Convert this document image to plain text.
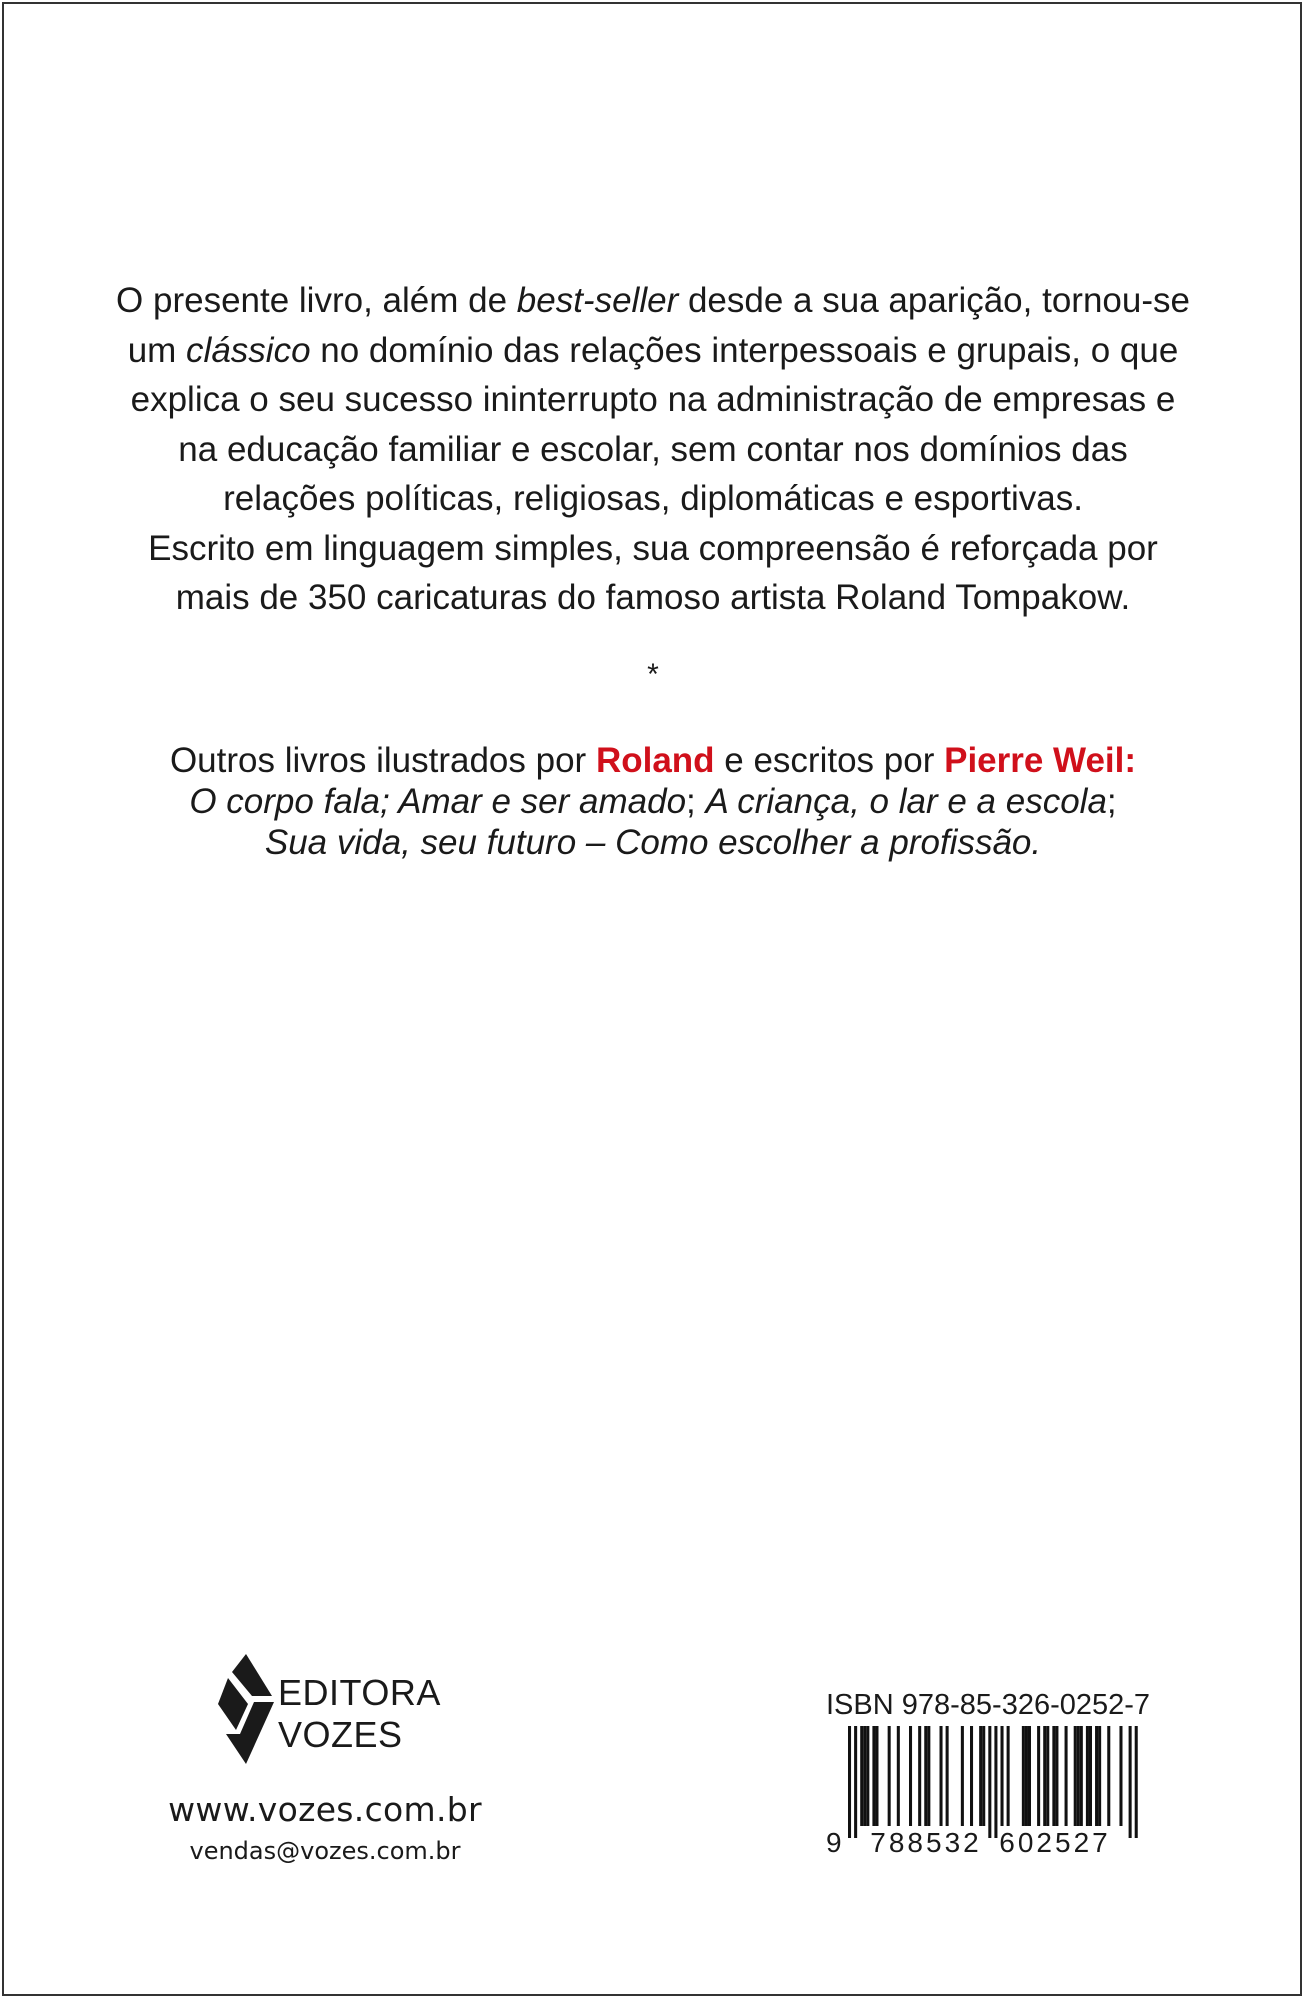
O presente livro, além de best-seller desde a sua aparição, tornou-se
um clássico no domínio das relações interpessoais e grupais, o que
explica o seu sucesso ininterrupto na administração de empresas e
na educação familiar e escolar, sem contar nos domínios das
relações políticas, religiosas, diplomáticas e esportivas.
Escrito em linguagem simples, sua compreensão é reforçada por
mais de 350 caricaturas do famoso artista Roland Tompakow.
*
Outros livros ilustrados por Roland e escritos por Pierre Weil:
O corpo fala; Amar e ser amado; A criança, o lar e a escola;
Sua vida, seu futuro – Como escolher a profissão.
EDITORA
VOZES
www.vozes.com.br
vendas@vozes.com.br
ISBN 978-85-326-0252-7
9 788532 602527
